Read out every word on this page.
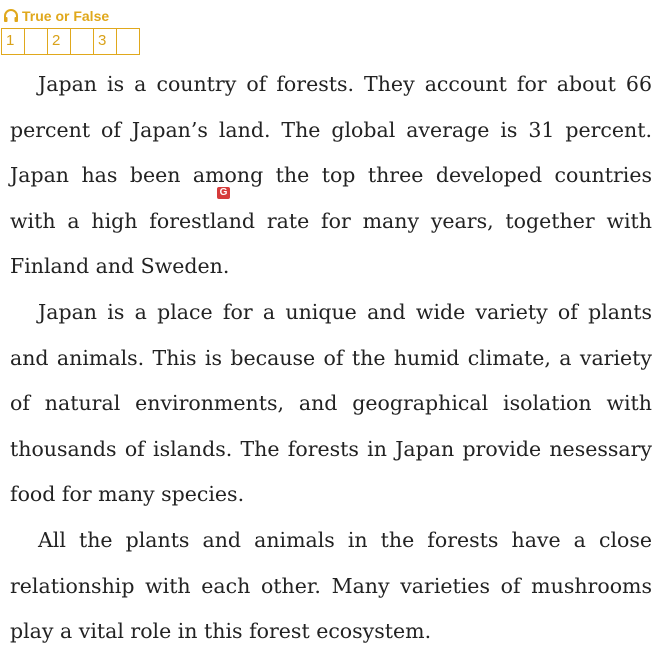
True or False
1	2	3

Japan is a country of forests. They account for about 66 percent of Japan’s land. The global average is 31 percent. Japan has been among the top three developed countries with a high forestland rate for many years, together with Finland and Sweden.

Japan is a place for a unique and wide variety of plants and animals. This is because of the humid climate, a variety of natural environments, and geographical isolation with thousands of islands. The forests in Japan provide nesessary food for many species.

All the plants and animals in the forests have a close relationship with each other. Many varieties of mushrooms play a vital role in this forest ecosystem.

G
